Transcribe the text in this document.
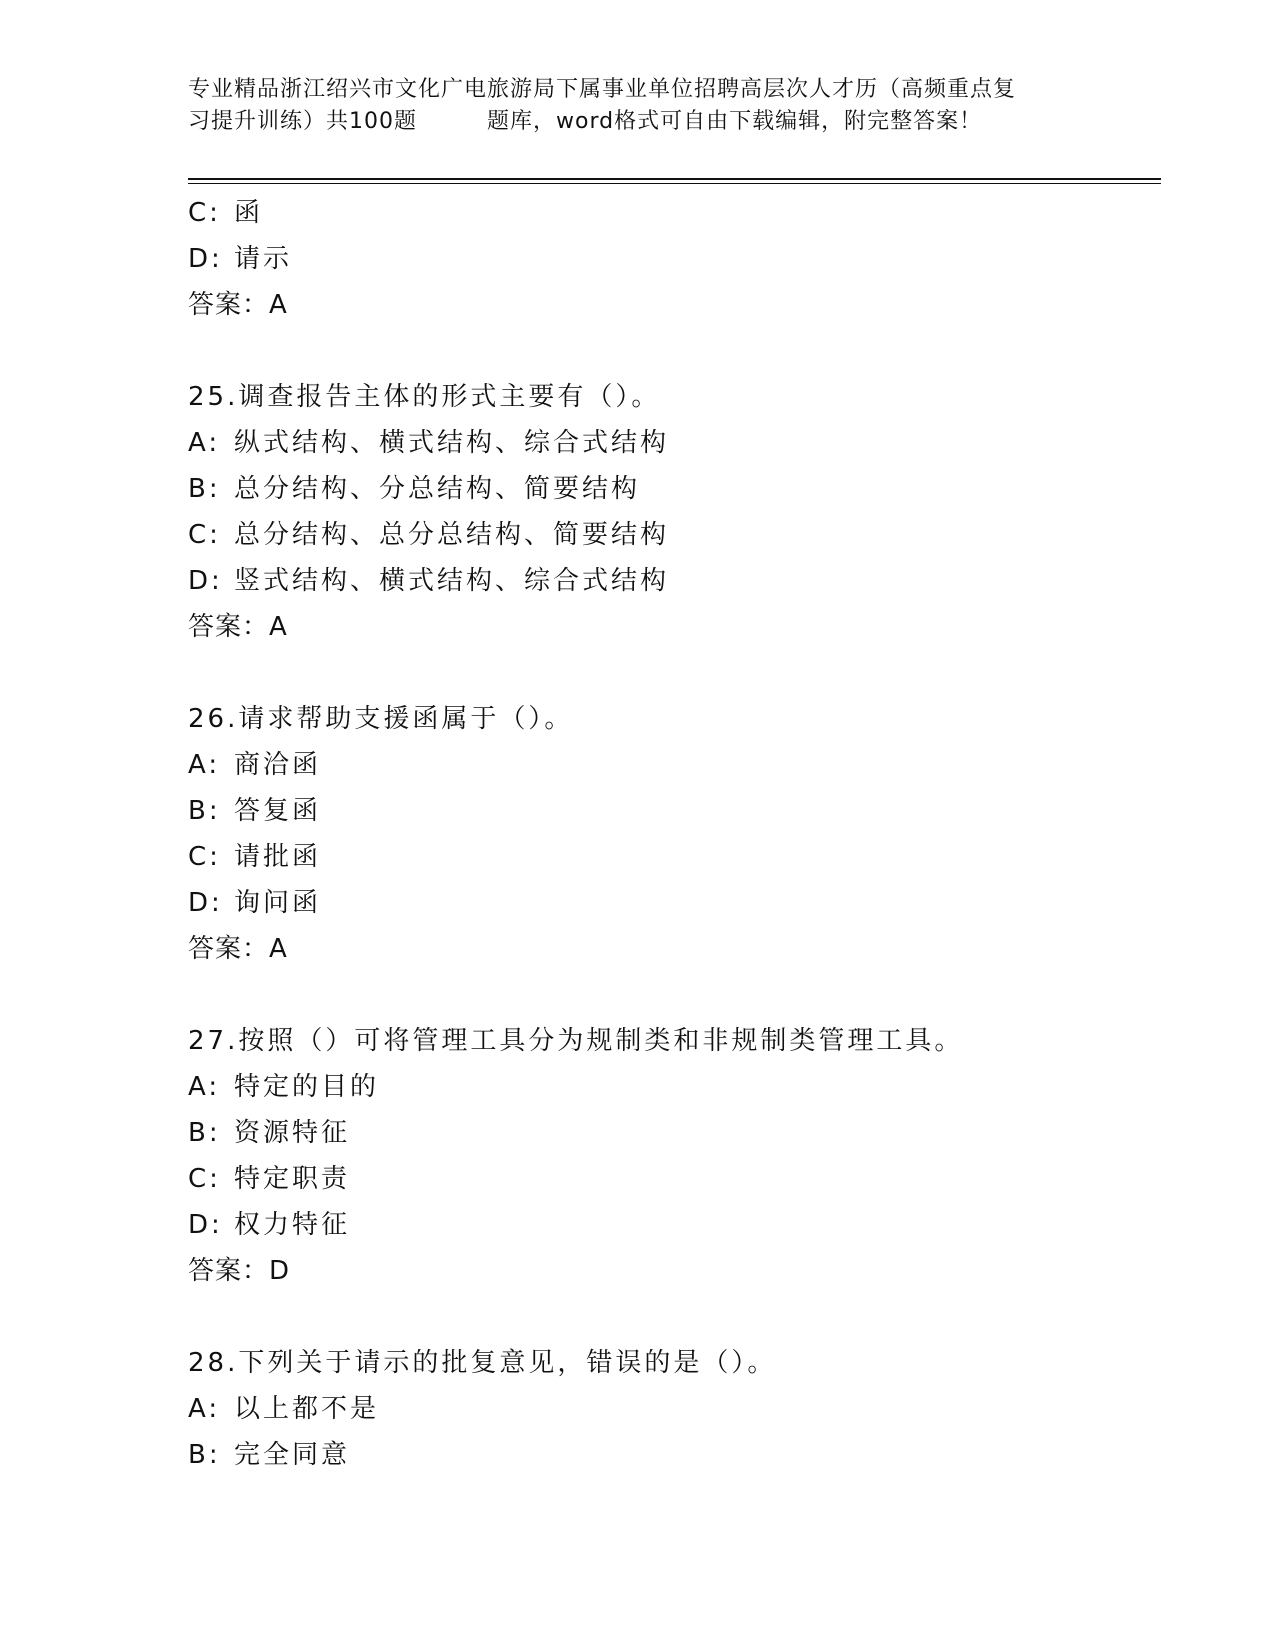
专业精品浙江绍兴市文化广电旅游局下属事业单位招聘高层次人才历（高频重点复
习提升训练）共100题	题库，word格式可自由下载编辑，附完整答案！
C: 函
D: 请示
答案：A
25.调查报告主体的形式主要有（）。
A: 纵式结构、横式结构、综合式结构
B: 总分结构、分总结构、简要结构
C: 总分结构、总分总结构、简要结构
D: 竖式结构、横式结构、综合式结构
答案：A
26.请求帮助支援函属于（）。
A: 商洽函
B: 答复函
C: 请批函
D: 询问函
答案：A
27.按照（）可将管理工具分为规制类和非规制类管理工具。
A: 特定的目的
B: 资源特征
C: 特定职责
D: 权力特征
答案：D
28.下列关于请示的批复意见，错误的是（）。
A: 以上都不是
B: 完全同意
